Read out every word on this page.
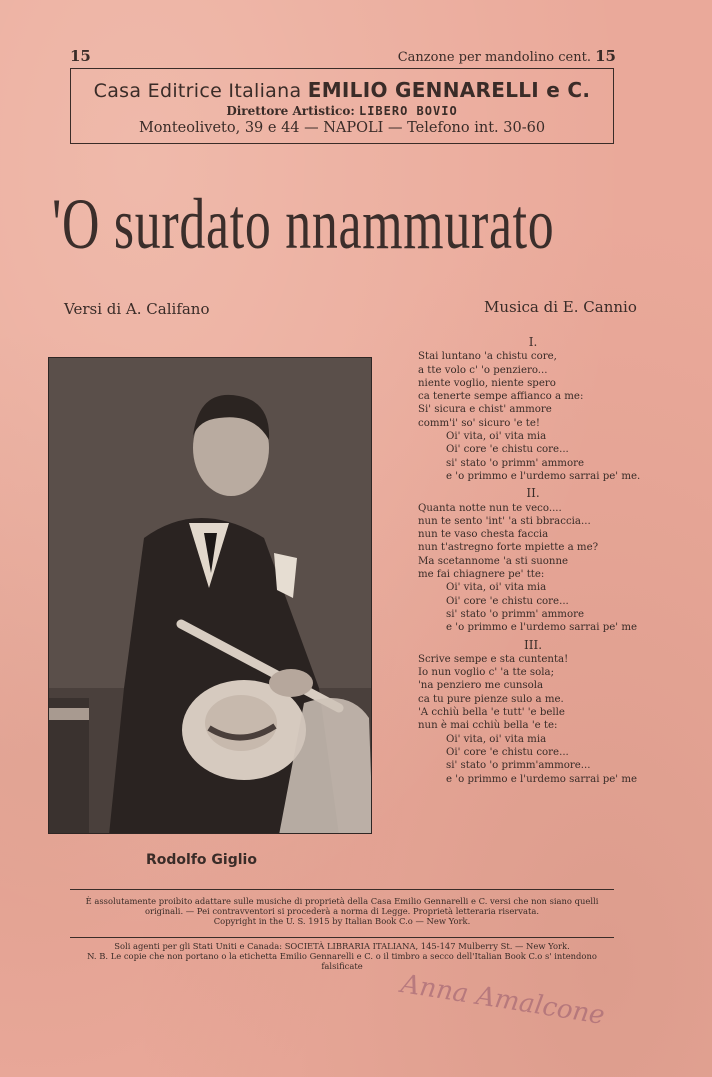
15	Canzone per mandolino cent. 15
Casa Editrice Italiana EMILIO GENNARELLI e C.
Direttore Artistico: LIBERO BOVIO
Monteoliveto, 39 e 44 — NAPOLI — Telefono int. 30-60
'O surdato nnammurato
Versi di A. Califano	Musica di E. Cannio
Rodolfo Giglio
I.
Stai luntano 'a chistu core,
a tte volo c' 'o penziero...
niente voglio, niente spero
ca tenerte sempe affianco a me:
Si' sicura e chist' ammore
comm'i' so' sicuro 'e te!
Oi' vita, oi' vita mia
Oi' core 'e chistu core...
si' stato 'o primm' ammore
e 'o primmo e l'urdemo sarrai pe' me.
II.
Quanta notte nun te veco....
nun te sento 'int' 'a sti bbraccia...
nun te vaso chesta faccia
nun t'astregno forte mpiette a me?
Ma scetannome 'a sti suonne
me fai chiagnere pe' tte:
Oi' vita, oi' vita mia
Oi' core 'e chistu core...
si' stato 'o primm' ammore
e 'o primmo e l'urdemo sarrai pe' me
III.
Scrive sempe e sta cuntenta!
Io nun voglio c' 'a tte sola;
'na penziero me cunsola
ca tu pure pienze sulo a me.
'A cchiù bella 'e tutt' 'e belle
nun è mai cchiù bella 'e te:
Oi' vita, oi' vita mia
Oi' core 'e chistu core...
si' stato 'o primm'ammore...
e 'o primmo e l'urdemo sarrai pe' me
È assolutamente proibito adattare sulle musiche di proprietà della Casa Emilio Gennarelli e C. versi che non siano quelli originali. — Pei contravventori si procederà a norma di Legge. Proprietà letteraria riservata.
Copyright in the U. S. 1915 by Italian Book C.o — New York.
Soli agenti per gli Stati Uniti e Canada: SOCIETÀ LIBRARIA ITALIANA, 145-147 Mulberry St. — New York.
N. B. Le copie che non portano o la etichetta Emilio Gennarelli e C. o il timbro a secco dell'Italian Book C.o s' intendono falsificate
Anna Amalcone
